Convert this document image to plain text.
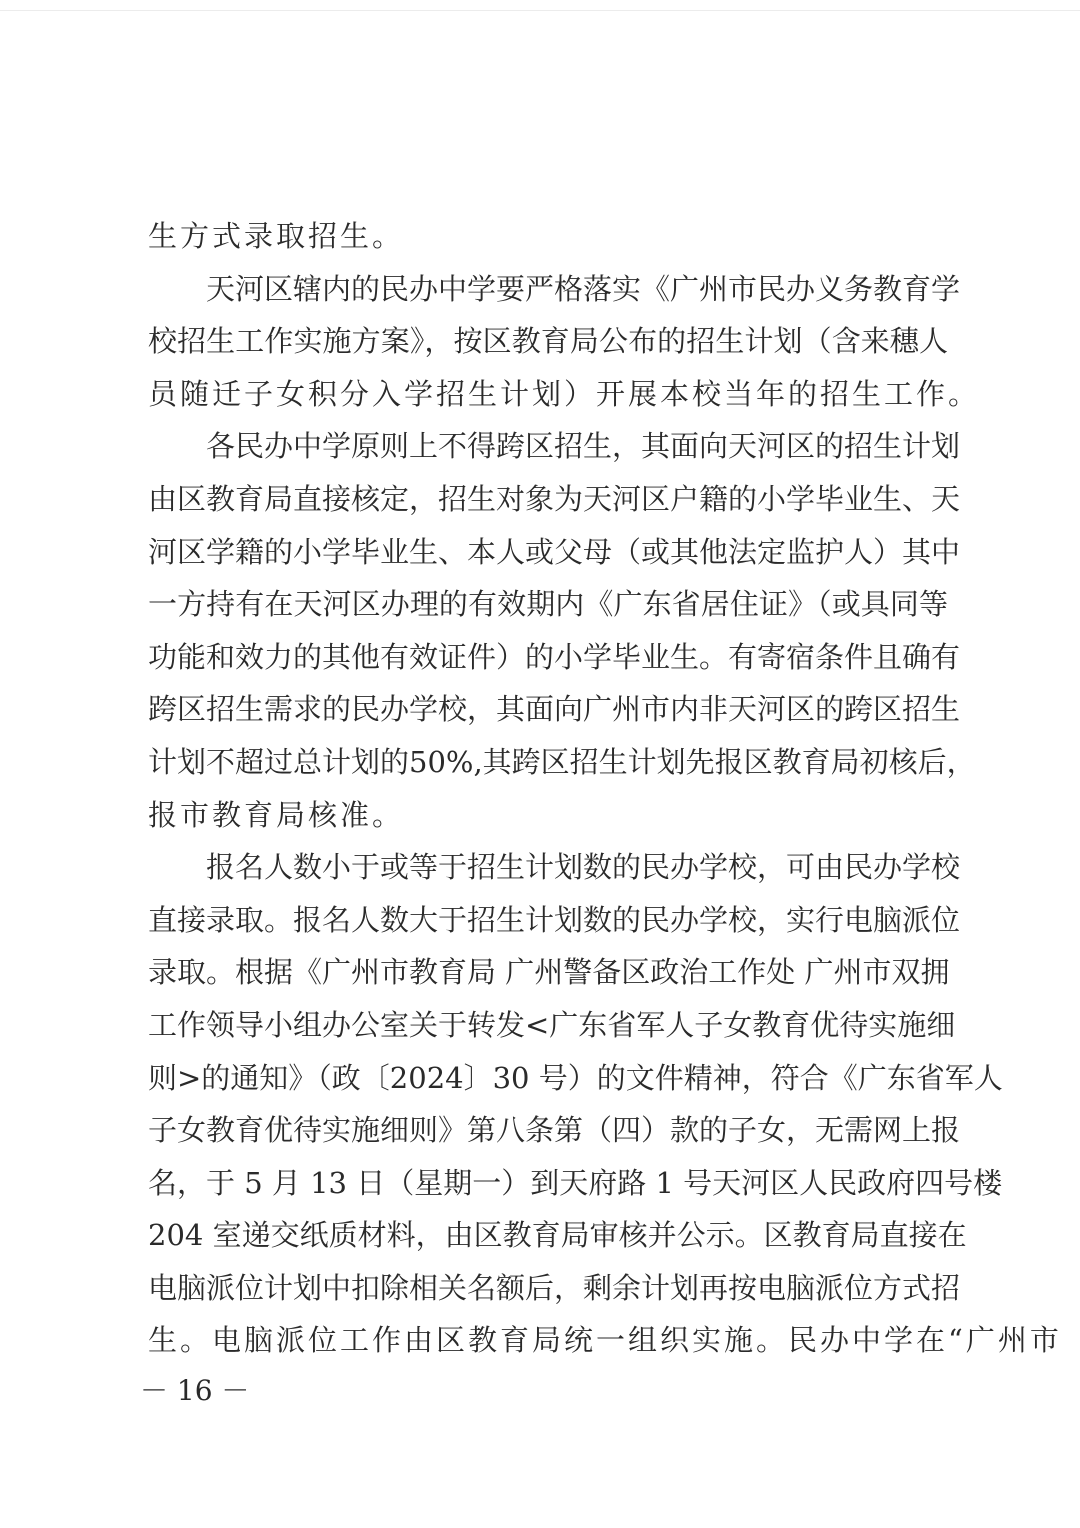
生方式录取招生。
天河区辖内的民办中学要严格落实《广州市民办义务教育学
校招生工作实施方案》，按区教育局公布的招生计划（含来穗人
员随迁子女积分入学招生计划）开展本校当年的招生工作。
各民办中学原则上不得跨区招生，其面向天河区的招生计划
由区教育局直接核定，招生对象为天河区户籍的小学毕业生、天
河区学籍的小学毕业生、本人或父母（或其他法定监护人）其中
一方持有在天河区办理的有效期内《广东省居住证》（或具同等
功能和效力的其他有效证件）的小学毕业生。有寄宿条件且确有
跨区招生需求的民办学校，其面向广州市内非天河区的跨区招生
计划不超过总计划的50%,其跨区招生计划先报区教育局初核后，
报市教育局核准。
报名人数小于或等于招生计划数的民办学校，可由民办学校
直接录取。报名人数大于招生计划数的民办学校，实行电脑派位
录取。根据《广州市教育局 广州警备区政治工作处 广州市双拥
工作领导小组办公室关于转发<广东省军人子女教育优待实施细
则>的通知》（政〔2024〕30 号）的文件精神，符合《广东省军人
子女教育优待实施细则》第八条第（四）款的子女，无需网上报
名，于 5 月 13 日（星期一）到天府路 1 号天河区人民政府四号楼
204 室递交纸质材料，由区教育局审核并公示。区教育局直接在
电脑派位计划中扣除相关名额后，剩余计划再按电脑派位方式招
生。电脑派位工作由区教育局统一组织实施。民办中学在“广州市
－ 16 －
